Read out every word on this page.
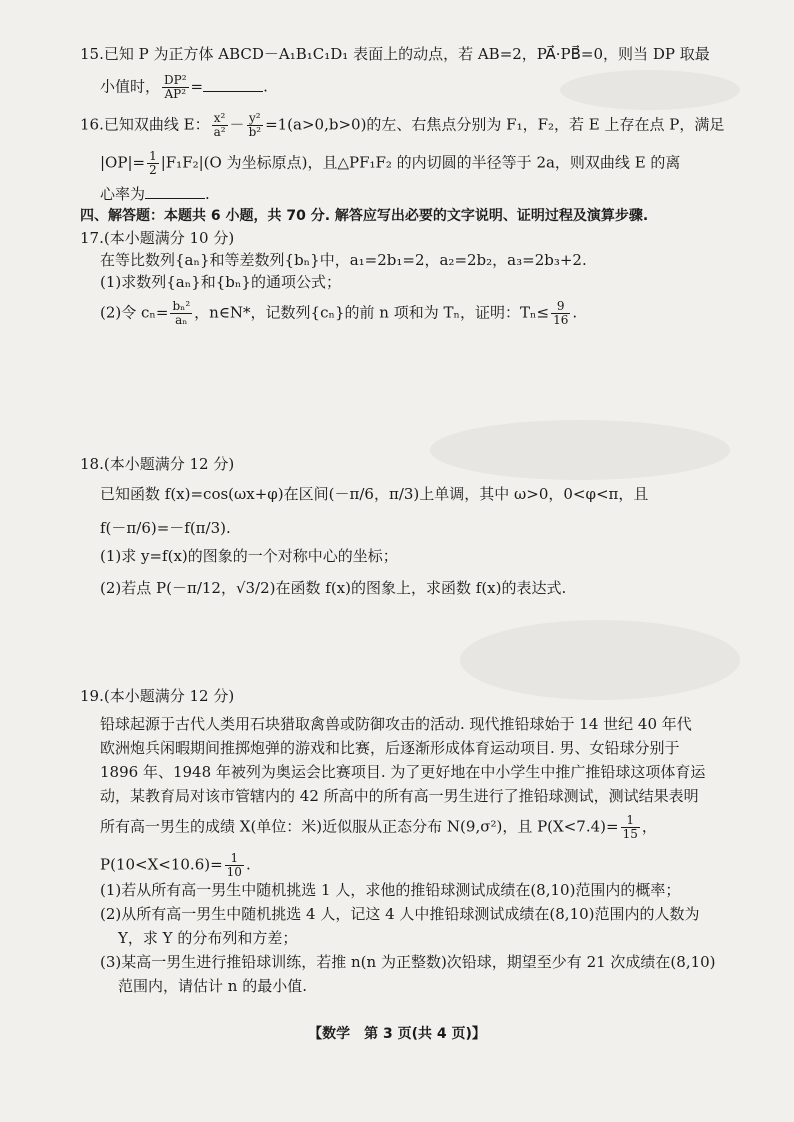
15.已知 P 为正方体 ABCD－A₁B₁C₁D₁ 表面上的动点，若 AB=2，PA⃗·PB⃗=0，则当 DP 取最
小值时， $\frac{\text{DP²}}{\text{AP²}}$ =	.
16.已知双曲线 E： $\frac{\text{x²}}{\text{a²}} - \frac{\text{y²}}{\text{b²}} =1(a>0,b>0)$的左、右焦点分别为 F₁，F₂，若 E 上存在点 P，满足
$|OP|= \frac{1}{2} |F_1F_2|(O$ 为坐标原点)，且△PF₁F₂ 的内切圆的半径等于 2a，则双曲线 E 的离
心率为	.
四、解答题：本题共 6 小题，共 70 分. 解答应写出必要的文字说明、证明过程及演算步骤.
17.(本小题满分 10 分)
在等比数列{aₙ}和等差数列{bₙ}中，a₁=2b₁=2，a₂=2b₂，a₃=2b₃+2.
(1)求数列{aₙ}和{bₙ}的通项公式；
(2)令 $c_n= \frac{\text{bₙ²}}{\text{aₙ}}$ ，n∈N*，记数列{cₙ}的前 n 项和为 Tₙ，证明：$T_n\le \frac{9}{16}$ .
18.(本小题满分 12 分)
已知函数 f(x)=cos(ωx+φ)在区间(－π/6，π/3)上单调，其中 ω>0，0<φ<π，且
f(－π/6)=－f(π/3).
(1)求 y=f(x)的图象的一个对称中心的坐标；
(2)若点 P(－π/12，√3/2)在函数 f(x)的图象上，求函数 f(x)的表达式.
19.(本小题满分 12 分)
铅球起源于古代人类用石块猎取禽兽或防御攻击的活动. 现代推铅球始于 14 世纪 40 年代
欧洲炮兵闲暇期间推掷炮弹的游戏和比赛，后逐渐形成体育运动项目. 男、女铅球分别于
1896 年、1948 年被列为奥运会比赛项目. 为了更好地在中小学生中推广推铅球这项体育运
动，某教育局对该市管辖内的 42 所高中的所有高一男生进行了推铅球测试，测试结果表明
所有高一男生的成绩 X(单位：米)近似服从正态分布 N(9,σ²)，且 $P(X<7.4)= \frac{1}{15}$ ，
$P(10<X<10.6)= \frac{1}{10}$ .
(1)若从所有高一男生中随机挑选 1 人，求他的推铅球测试成绩在(8,10)范围内的概率；
(2)从所有高一男生中随机挑选 4 人，记这 4 人中推铅球测试成绩在(8,10)范围内的人数为
Y，求 Y 的分布列和方差；
(3)某高一男生进行推铅球训练，若推 n(n 为正整数)次铅球，期望至少有 21 次成绩在(8,10)
范围内，请估计 n 的最小值.
【数学　第 3 页(共 4 页)】
